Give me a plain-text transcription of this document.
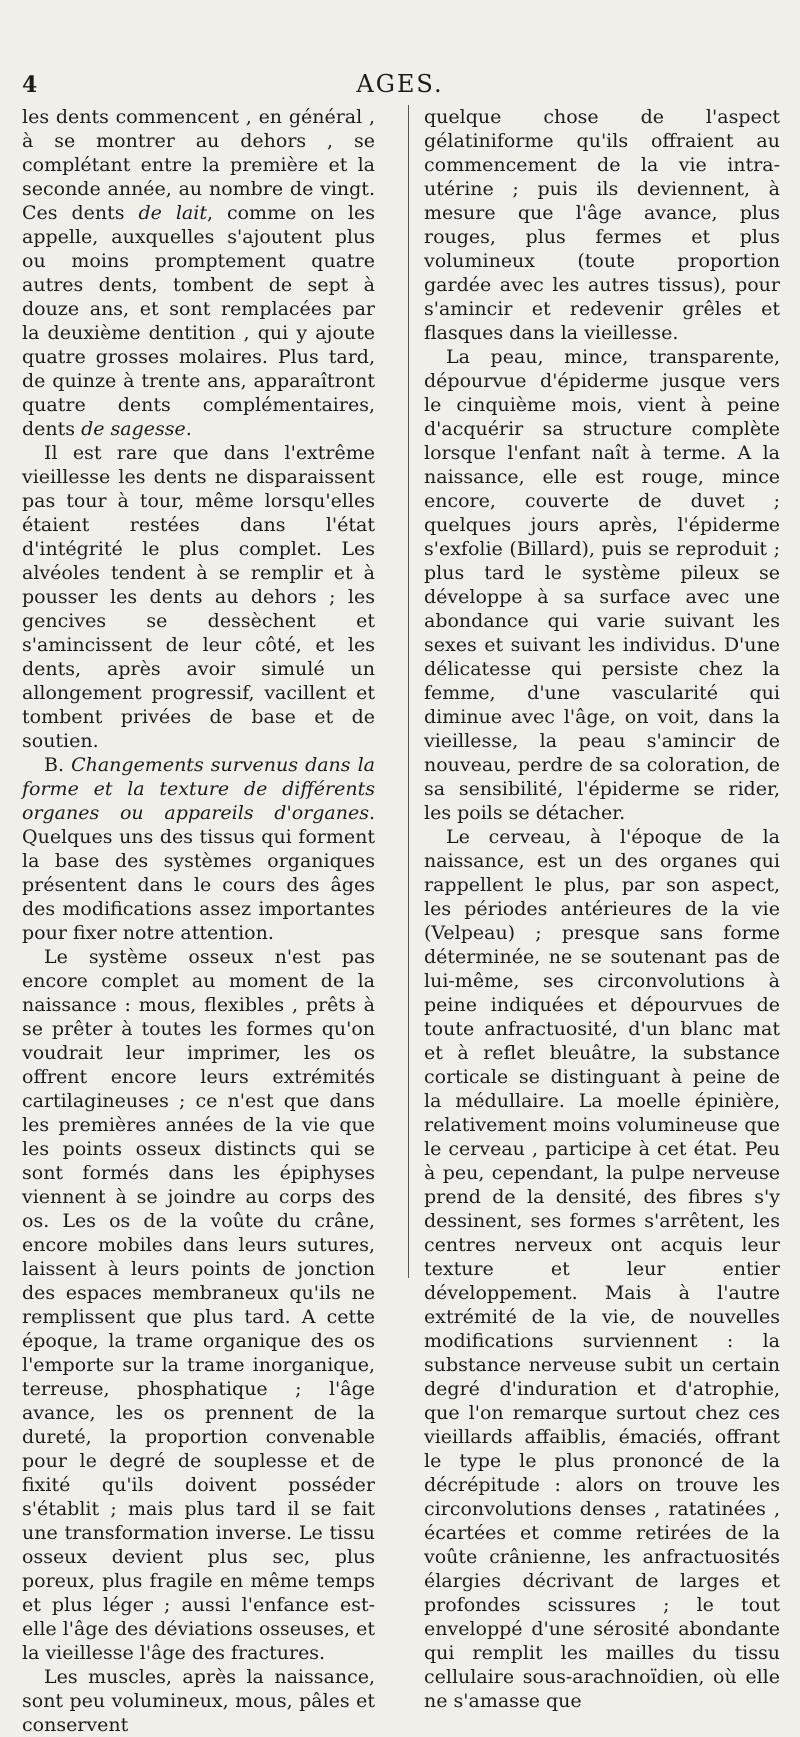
4	AGES.

les dents commencent , en général , à se montrer au dehors , se complétant entre la première et la seconde année, au nombre de vingt. Ces dents de lait, comme on les appelle, auxquelles s'ajoutent plus ou moins promptement quatre autres dents, tombent de sept à douze ans, et sont remplacées par la deuxième dentition , qui y ajoute quatre grosses molaires. Plus tard, de quinze à trente ans, apparaîtront quatre dents complémentaires, dents de sagesse.

Il est rare que dans l'extrême vieillesse les dents ne disparaissent pas tour à tour, même lorsqu'elles étaient restées dans l'état d'intégrité le plus complet. Les alvéoles tendent à se remplir et à pousser les dents au dehors ; les gencives se dessèchent et s'amincissent de leur côté, et les dents, après avoir simulé un allongement progressif, vacillent et tombent privées de base et de soutien.

B. Changements survenus dans la forme et la texture de différents organes ou appareils d'organes. Quelques uns des tissus qui forment la base des systèmes organiques présentent dans le cours des âges des modifications assez importantes pour fixer notre attention.

Le système osseux n'est pas encore complet au moment de la naissance : mous, flexibles , prêts à se prêter à toutes les formes qu'on voudrait leur imprimer, les os offrent encore leurs extrémités cartilagineuses ; ce n'est que dans les premières années de la vie que les points osseux distincts qui se sont formés dans les épiphyses viennent à se joindre au corps des os. Les os de la voûte du crâne, encore mobiles dans leurs sutures, laissent à leurs points de jonction des espaces membraneux qu'ils ne remplissent que plus tard. A cette époque, la trame organique des os l'emporte sur la trame inorganique, terreuse, phosphatique ; l'âge avance, les os prennent de la dureté, la proportion convenable pour le degré de souplesse et de fixité qu'ils doivent posséder s'établit ; mais plus tard il se fait une transformation inverse. Le tissu osseux devient plus sec, plus poreux, plus fragile en même temps et plus léger ; aussi l'enfance est-elle l'âge des déviations osseuses, et la vieillesse l'âge des fractures.

Les muscles, après la naissance, sont peu volumineux, mous, pâles et conservent

quelque chose de l'aspect gélatiniforme qu'ils offraient au commencement de la vie intra-utérine ; puis ils deviennent, à mesure que l'âge avance, plus rouges, plus fermes et plus volumineux (toute proportion gardée avec les autres tissus), pour s'amincir et redevenir grêles et flasques dans la vieillesse.

La peau, mince, transparente, dépourvue d'épiderme jusque vers le cinquième mois, vient à peine d'acquérir sa structure complète lorsque l'enfant naît à terme. A la naissance, elle est rouge, mince encore, couverte de duvet ; quelques jours après, l'épiderme s'exfolie (Billard), puis se reproduit ; plus tard le système pileux se développe à sa surface avec une abondance qui varie suivant les sexes et suivant les individus. D'une délicatesse qui persiste chez la femme, d'une vascularité qui diminue avec l'âge, on voit, dans la vieillesse, la peau s'amincir de nouveau, perdre de sa coloration, de sa sensibilité, l'épiderme se rider, les poils se détacher.

Le cerveau, à l'époque de la naissance, est un des organes qui rappellent le plus, par son aspect, les périodes antérieures de la vie (Velpeau) ; presque sans forme déterminée, ne se soutenant pas de lui-même, ses circonvolutions à peine indiquées et dépourvues de toute anfractuosité, d'un blanc mat et à reflet bleuâtre, la substance corticale se distinguant à peine de la médullaire. La moelle épinière, relativement moins volumineuse que le cerveau , participe à cet état. Peu à peu, cependant, la pulpe nerveuse prend de la densité, des fibres s'y dessinent, ses formes s'arrêtent, les centres nerveux ont acquis leur texture et leur entier développement. Mais à l'autre extrémité de la vie, de nouvelles modifications surviennent : la substance nerveuse subit un certain degré d'induration et d'atrophie, que l'on remarque surtout chez ces vieillards affaiblis, émaciés, offrant le type le plus prononcé de la décrépitude : alors on trouve les circonvolutions denses , ratatinées , écartées et comme retirées de la voûte crânienne, les anfractuosités élargies décrivant de larges et profondes scissures ; le tout enveloppé d'une sérosité abondante qui remplit les mailles du tissu cellulaire sous-arachnoïdien, où elle ne s'amasse que
